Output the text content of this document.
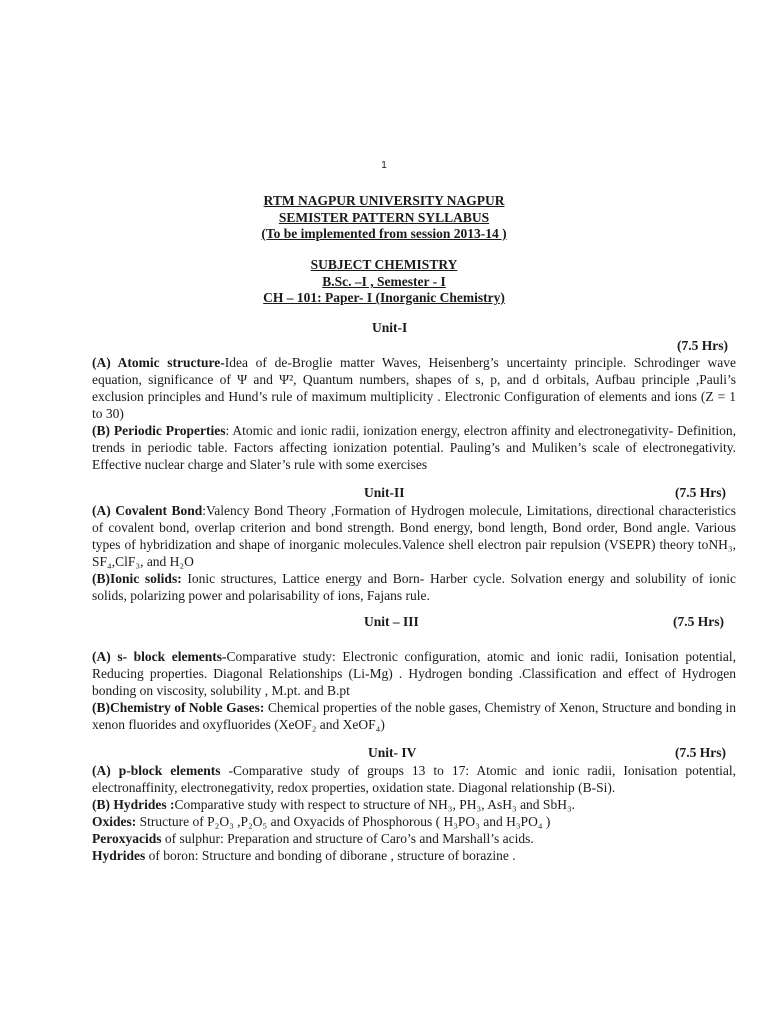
1
RTM NAGPUR UNIVERSITY NAGPUR
SEMISTER PATTERN SYLLABUS
(To be implemented from session 2013-14 )
SUBJECT CHEMISTRY
B.Sc. –I , Semester - I
CH – 101: Paper- I (Inorganic Chemistry)
Unit-I
(7.5 Hrs)

(A) Atomic structure-Idea of de-Broglie matter Waves, Heisenberg’s uncertainty principle. Schrodinger wave equation, significance of Ψ and Ψ², Quantum numbers, shapes of s, p, and d orbitals, Aufbau principle ,Pauli’s exclusion principles and Hund’s rule of maximum multiplicity . Electronic Configuration of elements and ions (Z = 1 to 30)

(B) Periodic Properties: Atomic and ionic radii, ionization energy, electron affinity and electronegativity- Definition, trends in periodic table. Factors affecting ionization potential. Pauling’s and Muliken’s scale of electronegativity. Effective nuclear charge and Slater’s rule with some exercises

Unit-II	(7.5 Hrs)

(A) Covalent Bond:Valency Bond Theory ,Formation of Hydrogen molecule, Limitations, directional characteristics of covalent bond, overlap criterion and bond strength. Bond energy, bond length, Bond order, Bond angle. Various types of hybridization and shape of inorganic molecules.Valence shell electron pair repulsion (VSEPR) theory toNH₃, SF₄,ClF₃, and H₂O

(B)Ionic solids: Ionic structures, Lattice energy and Born- Harber cycle. Solvation energy and solubility of ionic solids, polarizing power and polarisability of ions, Fajans rule.

Unit – III	(7.5 Hrs)

(A) s- block elements-Comparative study: Electronic configuration, atomic and ionic radii, Ionisation potential, Reducing properties. Diagonal Relationships (Li-Mg) . Hydrogen bonding .Classification and effect of Hydrogen bonding on viscosity, solubility , M.pt. and B.pt

(B)Chemistry of Noble Gases: Chemical properties of the noble gases, Chemistry of Xenon, Structure and bonding in xenon fluorides and oxyfluorides (XeOF₂ and XeOF₄)

Unit- IV	(7.5 Hrs)

(A) p-block elements -Comparative study of groups 13 to 17: Atomic and ionic radii, Ionisation potential, electronaffinity, electronegativity, redox properties, oxidation state. Diagonal relationship (B-Si).

(B) Hydrides :Comparative study with respect to structure of NH₃, PH₃, AsH₃ and SbH₃.

Oxides: Structure of P₂O₃ ,P₂O₅ and Oxyacids of Phosphorous ( H₃PO₃ and H₃PO₄ )

Peroxyacids of sulphur: Preparation and structure of Caro’s and Marshall’s acids.

Hydrides of boron: Structure and bonding of diborane , structure of borazine .
